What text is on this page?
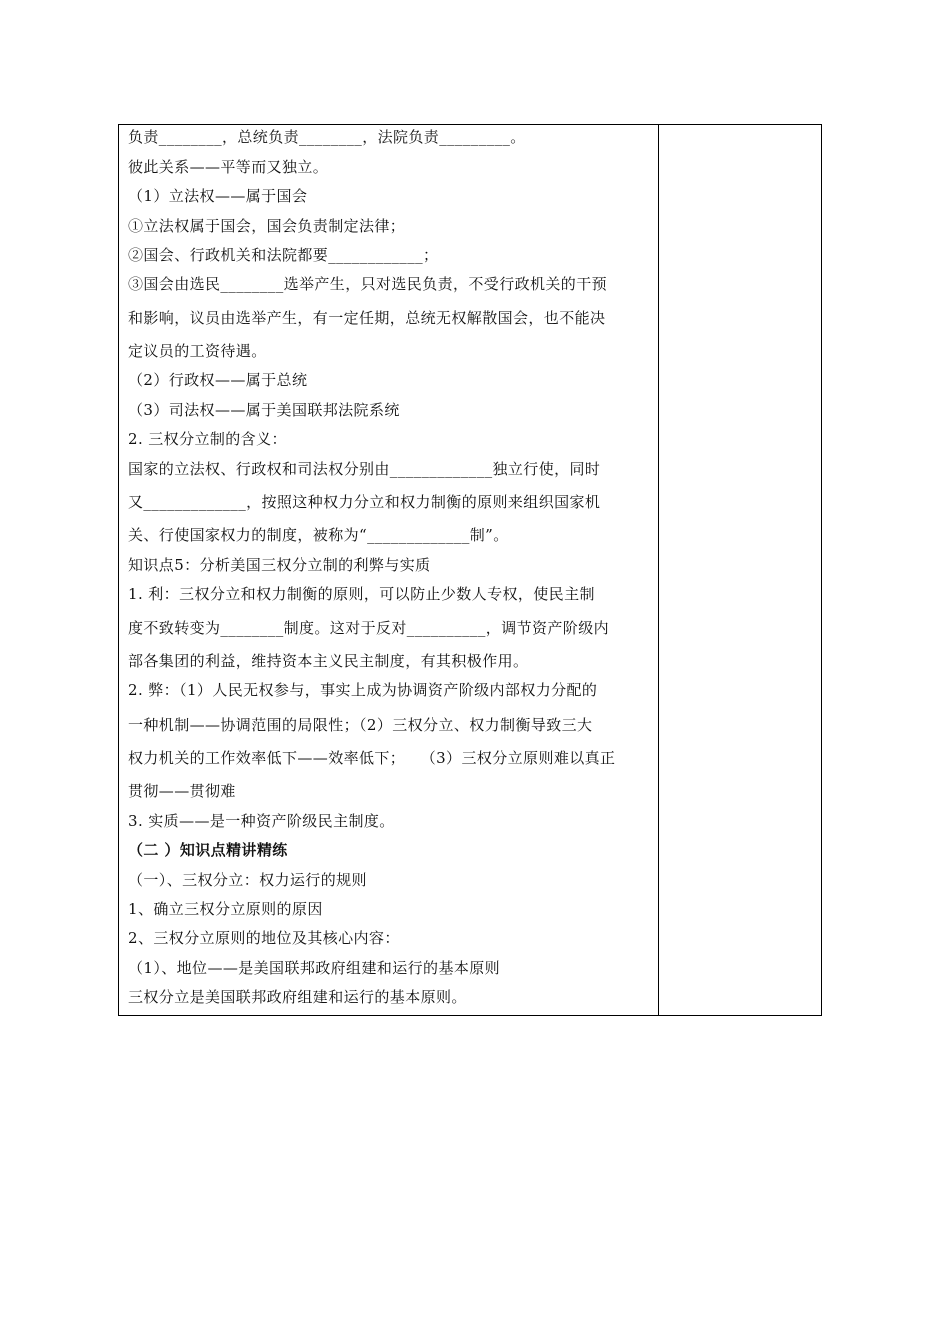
负责________，总统负责________，法院负责_________。
彼此关系——平等而又独立。
（1）立法权——属于国会
①立法权属于国会，国会负责制定法律；
②国会、行政机关和法院都要____________；
③国会由选民________选举产生，只对选民负责，不受行政机关的干预
和影响，议员由选举产生，有一定任期，总统无权解散国会，也不能决
定议员的工资待遇。
（2）行政权——属于总统
（3）司法权——属于美国联邦法院系统
2. 三权分立制的含义：
国家的立法权、行政权和司法权分别由_____________独立行使，同时
又_____________，按照这种权力分立和权力制衡的原则来组织国家机
关、行使国家权力的制度，被称为“_____________制”。
知识点5：分析美国三权分立制的利弊与实质
1. 利：三权分立和权力制衡的原则，可以防止少数人专权，使民主制
度不致转变为________制度。这对于反对__________，调节资产阶级内
部各集团的利益，维持资本主义民主制度，有其积极作用。
2. 弊：（1）人民无权参与，事实上成为协调资产阶级内部权力分配的
一种机制——协调范围的局限性；（2）三权分立、权力制衡导致三大
权力机关的工作效率低下——效率低下；   （3）三权分立原则难以真正
贯彻——贯彻难
3. 实质——是一种资产阶级民主制度。
（二 ）知识点精讲精练
（一）、三权分立：权力运行的规则
1、确立三权分立原则的原因
2、三权分立原则的地位及其核心内容：
（1）、地位——是美国联邦政府组建和运行的基本原则
三权分立是美国联邦政府组建和运行的基本原则。
